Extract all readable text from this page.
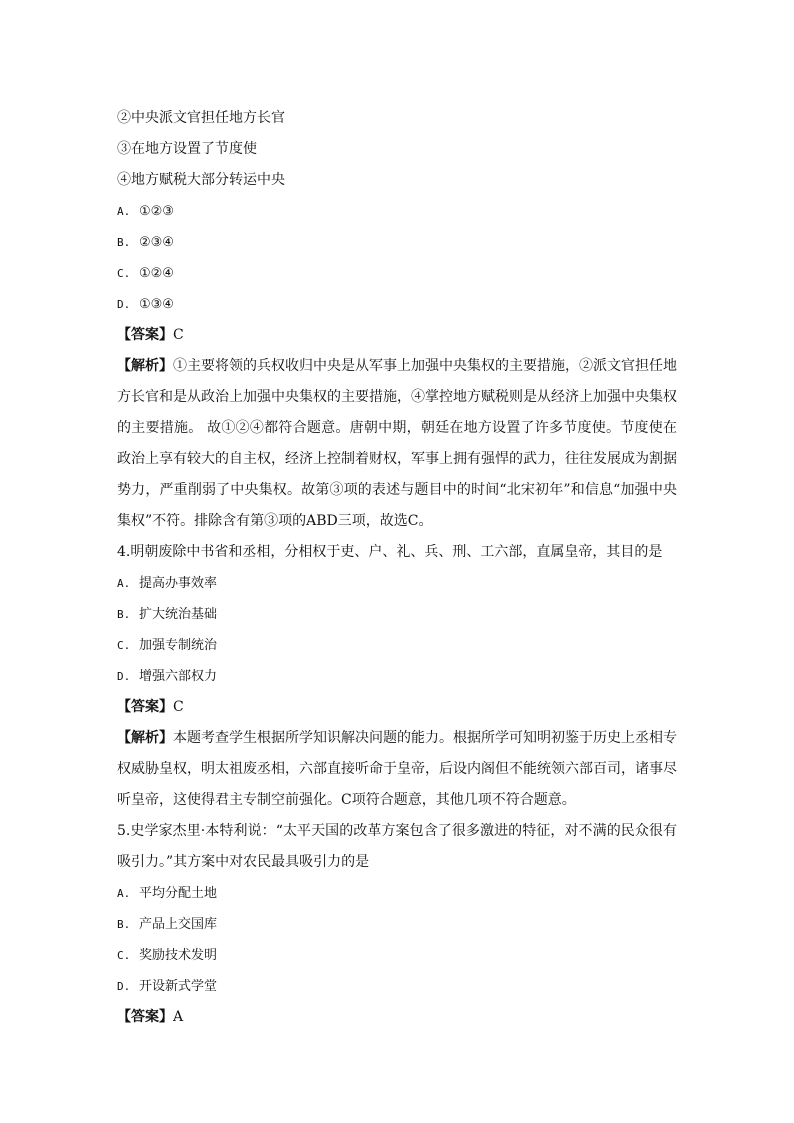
②中央派文官担任地方长官
③在地方设置了节度使
④地方赋税大部分转运中央
A. ①②③
B. ②③④
C. ①②④
D. ①③④
【答案】C
【解析】①主要将领的兵权收归中央是从军事上加强中央集权的主要措施，②派文官担任地方长官和是从政治上加强中央集权的主要措施，④掌控地方赋税则是从经济上加强中央集权的主要措施。 故①②④都符合题意。唐朝中期，朝廷在地方设置了许多节度使。节度使在政治上享有较大的自主权，经济上控制着财权，军事上拥有强悍的武力，往往发展成为割据势力，严重削弱了中央集权。故第③项的表述与题目中的时间“北宋初年”和信息“加强中央集权”不符。排除含有第③项的ABD三项，故选C。
4.明朝废除中书省和丞相，分相权于吏、户、礼、兵、刑、工六部，直属皇帝，其目的是
A. 提高办事效率
B. 扩大统治基础
C. 加强专制统治
D. 增强六部权力
【答案】C
【解析】本题考查学生根据所学知识解决问题的能力。根据所学可知明初鉴于历史上丞相专权威胁皇权，明太祖废丞相，六部直接听命于皇帝，后设内阁但不能统领六部百司，诸事尽听皇帝，这使得君主专制空前强化。C项符合题意，其他几项不符合题意。
5.史学家杰里·本特利说：“太平天国的改革方案包含了很多激进的特征，对不满的民众很有吸引力。”其方案中对农民最具吸引力的是
A. 平均分配土地
B. 产品上交国库
C. 奖励技术发明
D. 开设新式学堂
【答案】A
